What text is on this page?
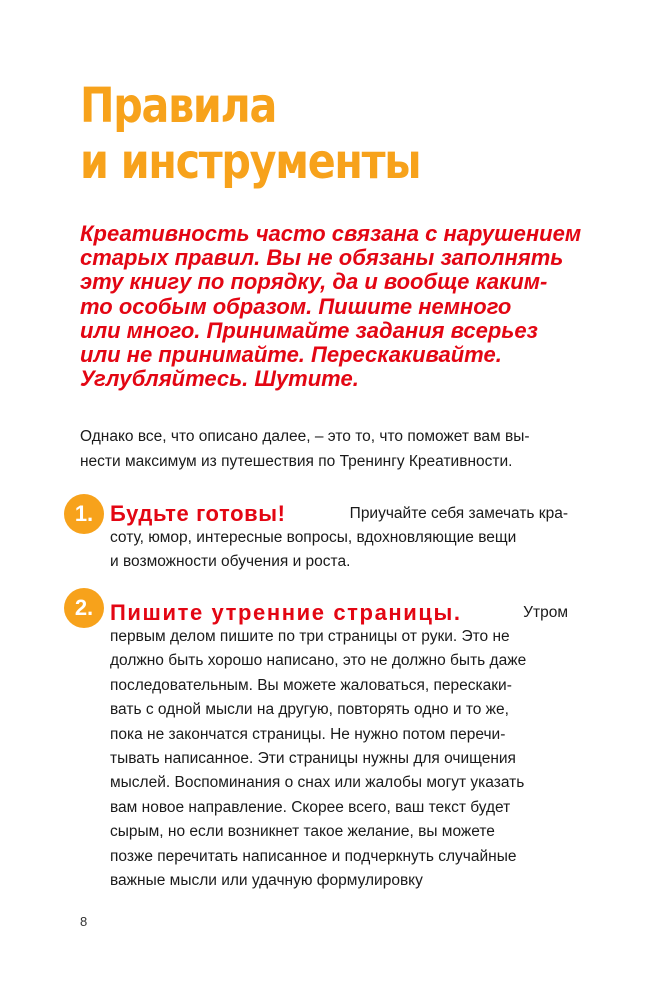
Правила
и инструменты
Креативность часто связана с нарушением
старых правил. Вы не обязаны заполнять
эту книгу по порядку, да и вообще каким-
то особым образом. Пишите немного
или много. Принимайте задания всерьез
или не принимайте. Перескакивайте.
Углубляйтесь. Шутите.
Однако все, что описано далее, – это то, что поможет вам вы-
нести максимум из путешествия по Тренингу Креативности.
1. Будьте готовы!	Приучайте себя замечать кра-
соту, юмор, интересные вопросы, вдохновляющие вещи
и возможности обучения и роста.
2. Пишите утренние страницы.	Утром
первым делом пишите по три страницы от руки. Это не
должно быть хорошо написано, это не должно быть даже
последовательным. Вы можете жаловаться, перескаки-
вать с одной мысли на другую, повторять одно и то же,
пока не закончатся страницы. Не нужно потом перечи-
тывать написанное. Эти страницы нужны для очищения
мыслей. Воспоминания о снах или жалобы могут указать
вам новое направление. Скорее всего, ваш текст будет
сырым, но если возникнет такое желание, вы можете
позже перечитать написанное и подчеркнуть случайные
важные мысли или удачную формулировку
8
